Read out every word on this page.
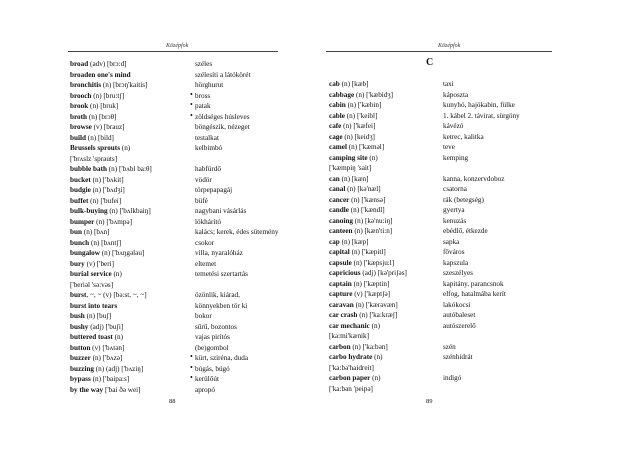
Középfok
broad (adv) [brɔ:d]	széles
broaden one's mind	szélesíti a látókörét
bronchitis (n) [brɔŋ'kaitis]	hörghurut
brooch (n) [bru:tʃ]	• bross
brook (n) [bruk]	• patak
broth (n) [brɔθ]	• zöldséges húsleves
browse (v) [brauz]	böngészik, nézeget
build (n) [bild]	testalkat
Brussels sprouts (n)	kelbimbó
['brʌslz 'sprauts]
bubble bath (n) ['bʌbl ba:θ]	habfürdő
bucket (n) ['bʌkit]	vödör
budgie (n) ['bʌdʒi]	törpepapagáj
buffet (n) ['bufei]	büfé
bulk-buying (n) ['bʌlkbaiŋ]	nagybani vásárlás
bumper (n) ['bʌmpə]	lökhárító
bun (n) [bʌn]	kalács; kerek, édes sütemény
bunch (n) [bʌntʃ]	csokor
bungalow (n) ['bʌŋgələu]	villa, nyaralóház
bury (v) ['beri]	eltemet
burial service (n)	temetési szertartás
['beriəl 'sə:vəs]
burst, ~, ~ (v) [bə:st, ~, ~]	özönlik, kiárad,
burst into tears	könnyekben tör ki
bush (n) [buʃ]	bokor
bushy (adj) ['buʃi]	sűrű, bozontos
buttered toast (n)	vajas pirítós
button (v) ['bʌtən]	(be)gombol
buzzer (n) ['bʌzə]	• kürt, sziréna, duda
buzzing (n) (adj) ['bʌziŋ]	• búgás, búgó
bypass (n) ['baipa:s]	• kerülőút
by the way ['bai ðə wei]	apropó
88
Középfok
C
cab (n) [kæb]	taxi
cabbage (n) ['kæbidʒ]	káposzta
cabin (n) ['kæbin]	kunyhó, hajókabin, fülke
cable (n) ['keibl]	1. kábel 2. távirat, sürgöny
cafe (n) ['kæfei]	kávézó
cage (n) [keidʒ]	ketrec, kalitka
camel (n) ['kæməl]	teve
camping site (n)	kemping
['kæmpiŋ 'sait]
can (n) [kæn]	kanna, konzervdoboz
canal (n) [kə'næl]	csatorna
cancer (n) ['kænsə]	rák (betegség)
candle (n) ['kændl]	gyertya
canoing (n) [kə'nu:iŋ]	kenuzás
canteen (n) [kæn'ti:n]	ebédlő, étkezde
cap (n) [kæp]	sapka
capital (n) ['kæpitl]	főváros
capsule (n) ['kæpsju:l]	kapszula
capricious (adj) [kə'priʃəs]	szeszélyes
captain (n) ['kæptin]	kapitány, parancsnok
capture (v) ['kæptʃə]	elfog, hatalmába kerít
caravan (n) ['kærəvæn]	lakókocsi
car crash (n) ['ka:kræʃ]	autóbaleset
car mechanic (n)	autószerelő
[ka:mi'kænik]
carbon (n) ['ka:bən]	szén
carbo hydrate (n)	szénhidrát
['ka:bə'haidreit]
carbon paper (n)	indigó
['ka:bən 'peipə]
89
